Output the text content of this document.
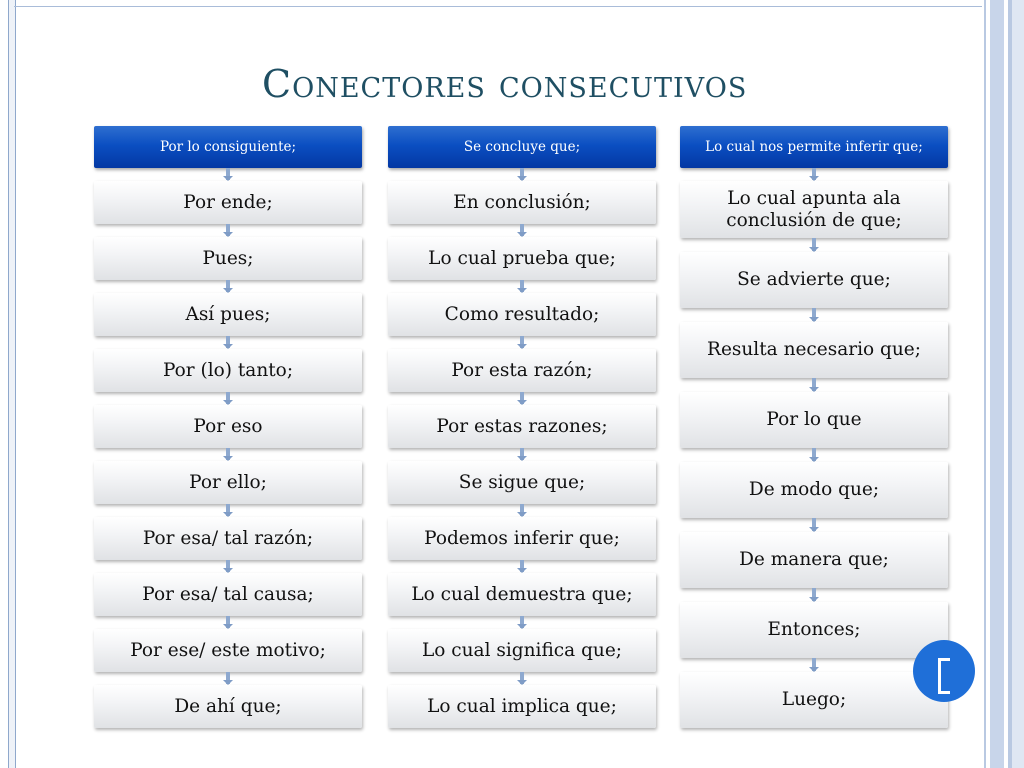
Conectores consecutivos
Por lo consiguiente;
Por ende;
Pues;
Así pues;
Por (lo) tanto;
Por eso
Por ello;
Por esa/ tal razón;
Por esa/ tal causa;
Por ese/ este motivo;
De ahí que;
Se concluye que;
En conclusión;
Lo cual prueba que;
Como resultado;
Por esta razón;
Por estas razones;
Se sigue que;
Podemos inferir que;
Lo cual demuestra que;
Lo cual significa que;
Lo cual implica que;
Lo cual nos permite inferir que;
Lo cual apunta ala conclusión de que;
Se advierte que;
Resulta necesario que;
Por lo que
De modo que;
De manera que;
Entonces;
Luego;
